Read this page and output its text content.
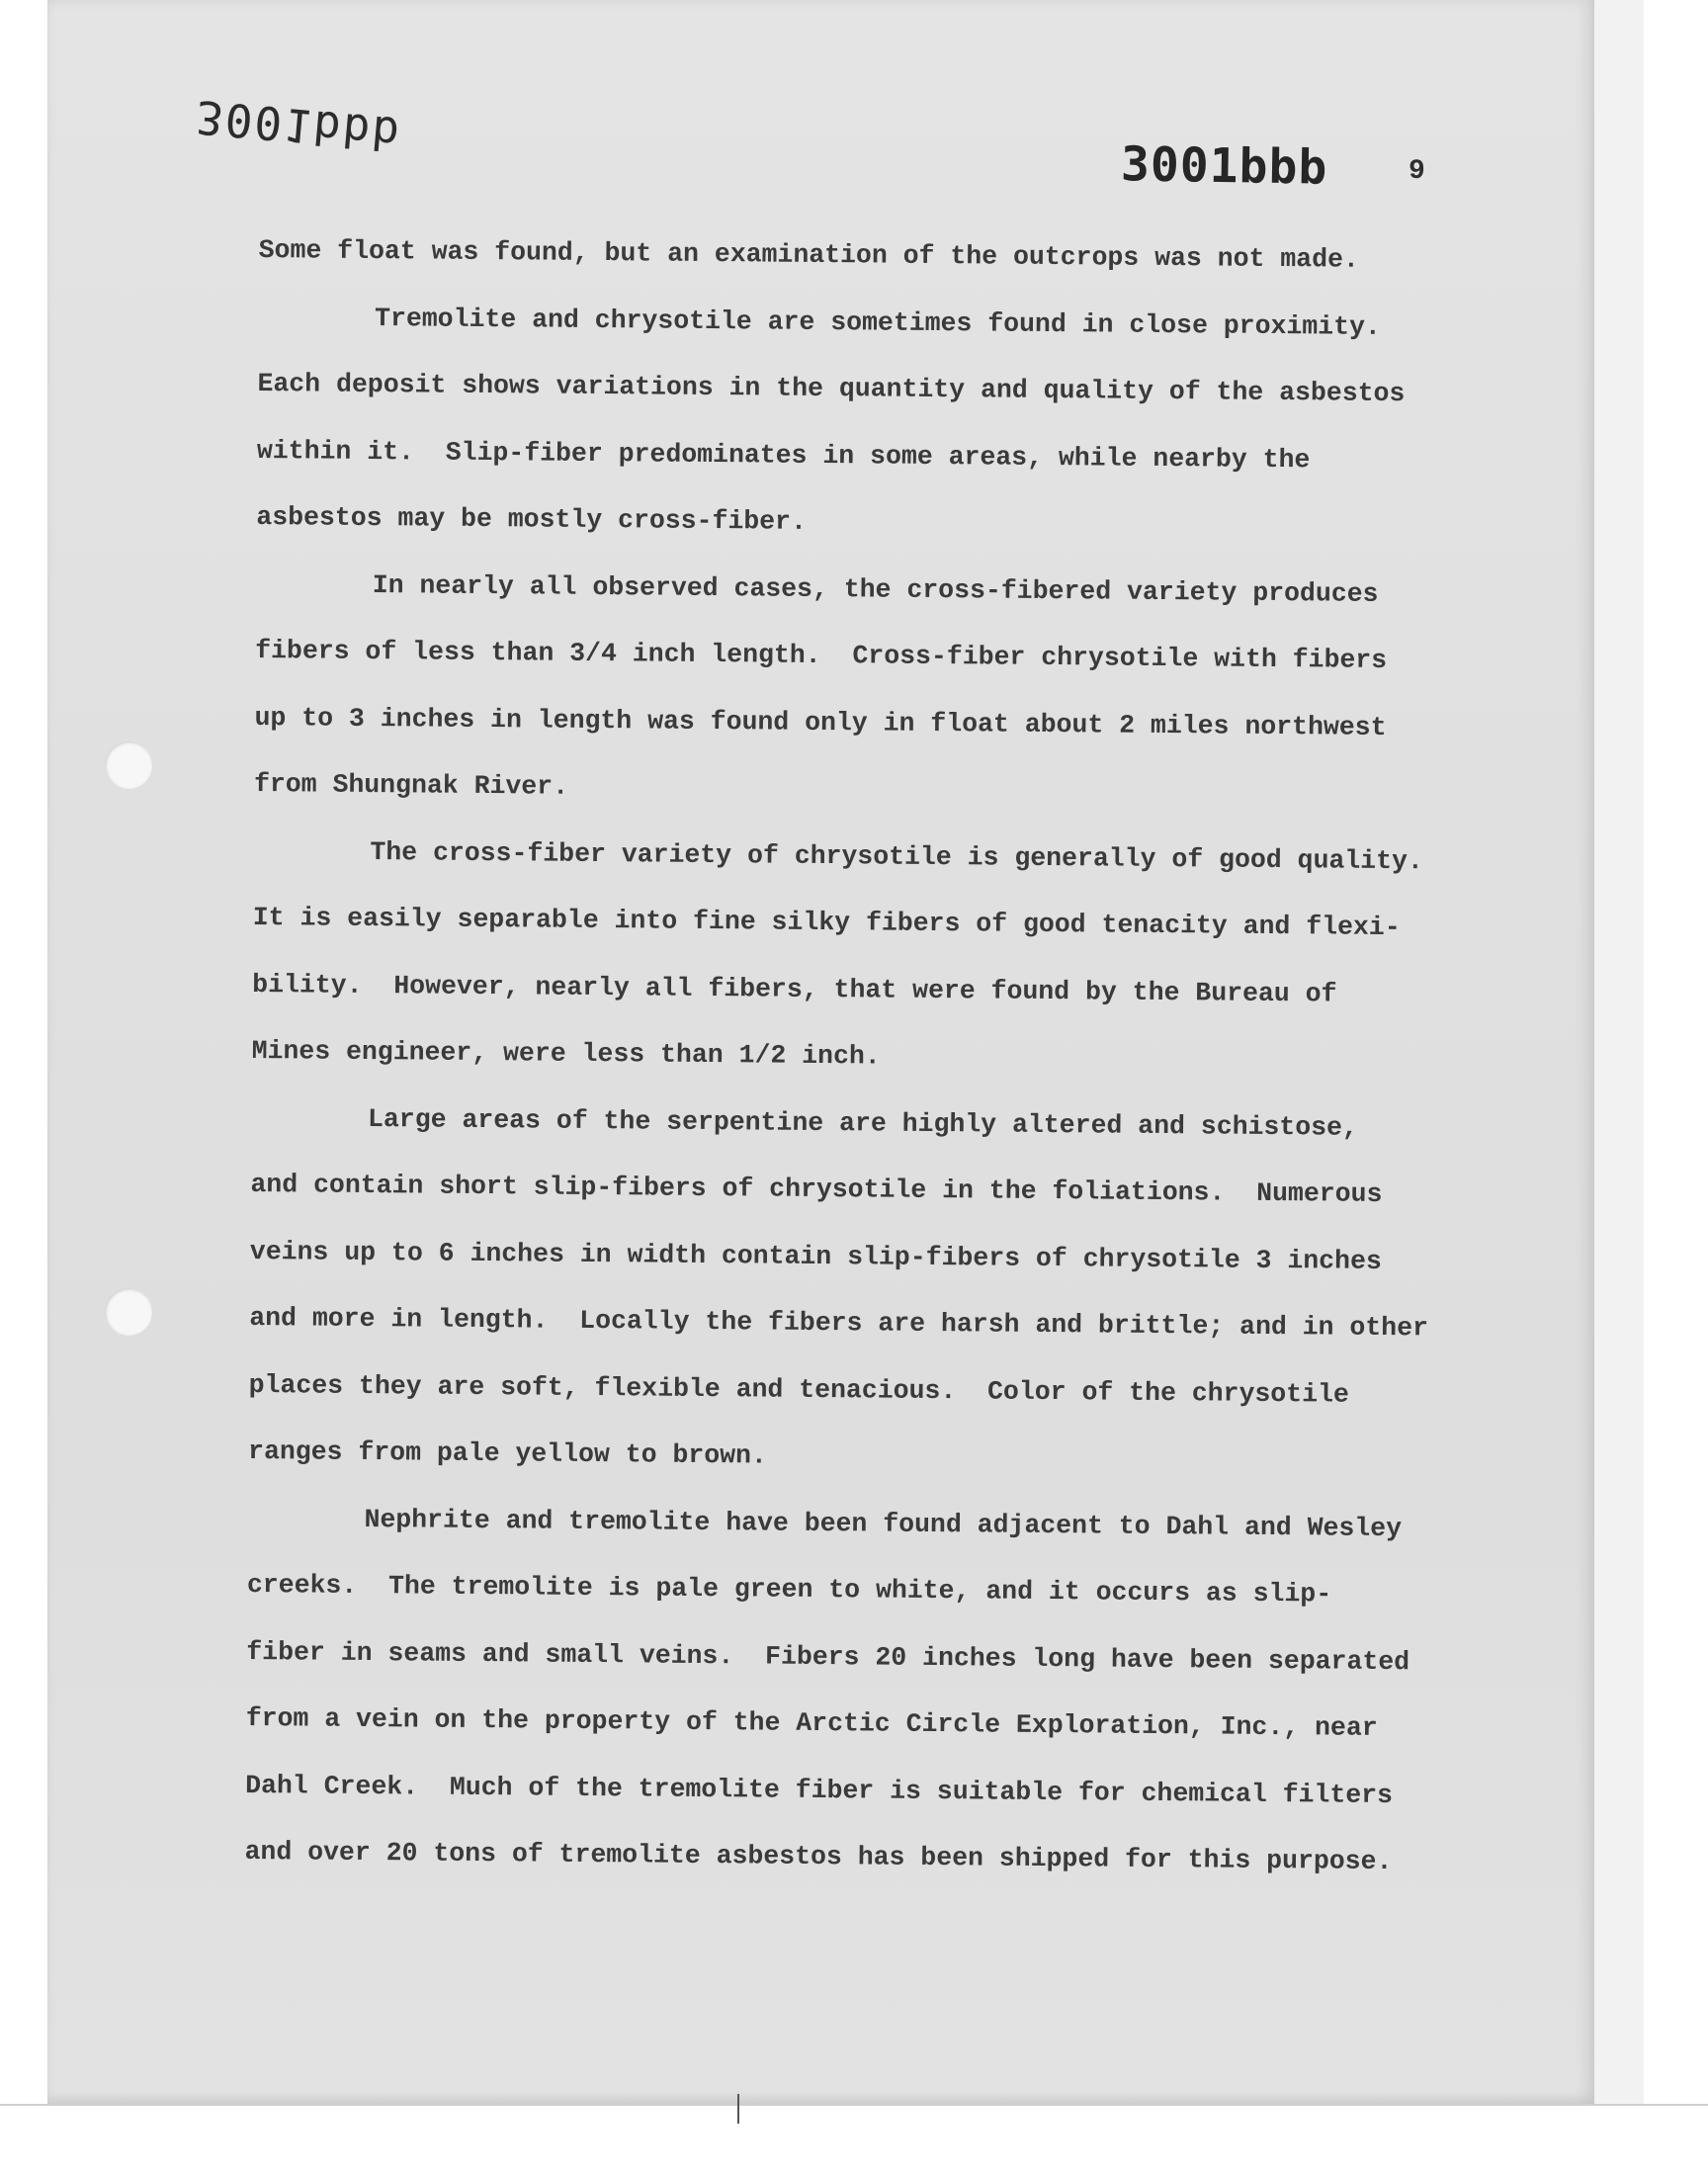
3001bbb
3001bbb	9
Some float was found, but an examination of the outcrops was not made.
Tremolite and chrysotile are sometimes found in close proximity.
Each deposit shows variations in the quantity and quality of the asbestos
within it.  Slip-fiber predominates in some areas, while nearby the
asbestos may be mostly cross-fiber.
In nearly all observed cases, the cross-fibered variety produces
fibers of less than 3/4 inch length.  Cross-fiber chrysotile with fibers
up to 3 inches in length was found only in float about 2 miles northwest
from Shungnak River.
The cross-fiber variety of chrysotile is generally of good quality.
It is easily separable into fine silky fibers of good tenacity and flexi-
bility.  However, nearly all fibers, that were found by the Bureau of
Mines engineer, were less than 1/2 inch.
Large areas of the serpentine are highly altered and schistose,
and contain short slip-fibers of chrysotile in the foliations.  Numerous
veins up to 6 inches in width contain slip-fibers of chrysotile 3 inches
and more in length.  Locally the fibers are harsh and brittle; and in other
places they are soft, flexible and tenacious.  Color of the chrysotile
ranges from pale yellow to brown.
Nephrite and tremolite have been found adjacent to Dahl and Wesley
creeks.  The tremolite is pale green to white, and it occurs as slip-
fiber in seams and small veins.  Fibers 20 inches long have been separated
from a vein on the property of the Arctic Circle Exploration, Inc., near
Dahl Creek.  Much of the tremolite fiber is suitable for chemical filters
and over 20 tons of tremolite asbestos has been shipped for this purpose.
